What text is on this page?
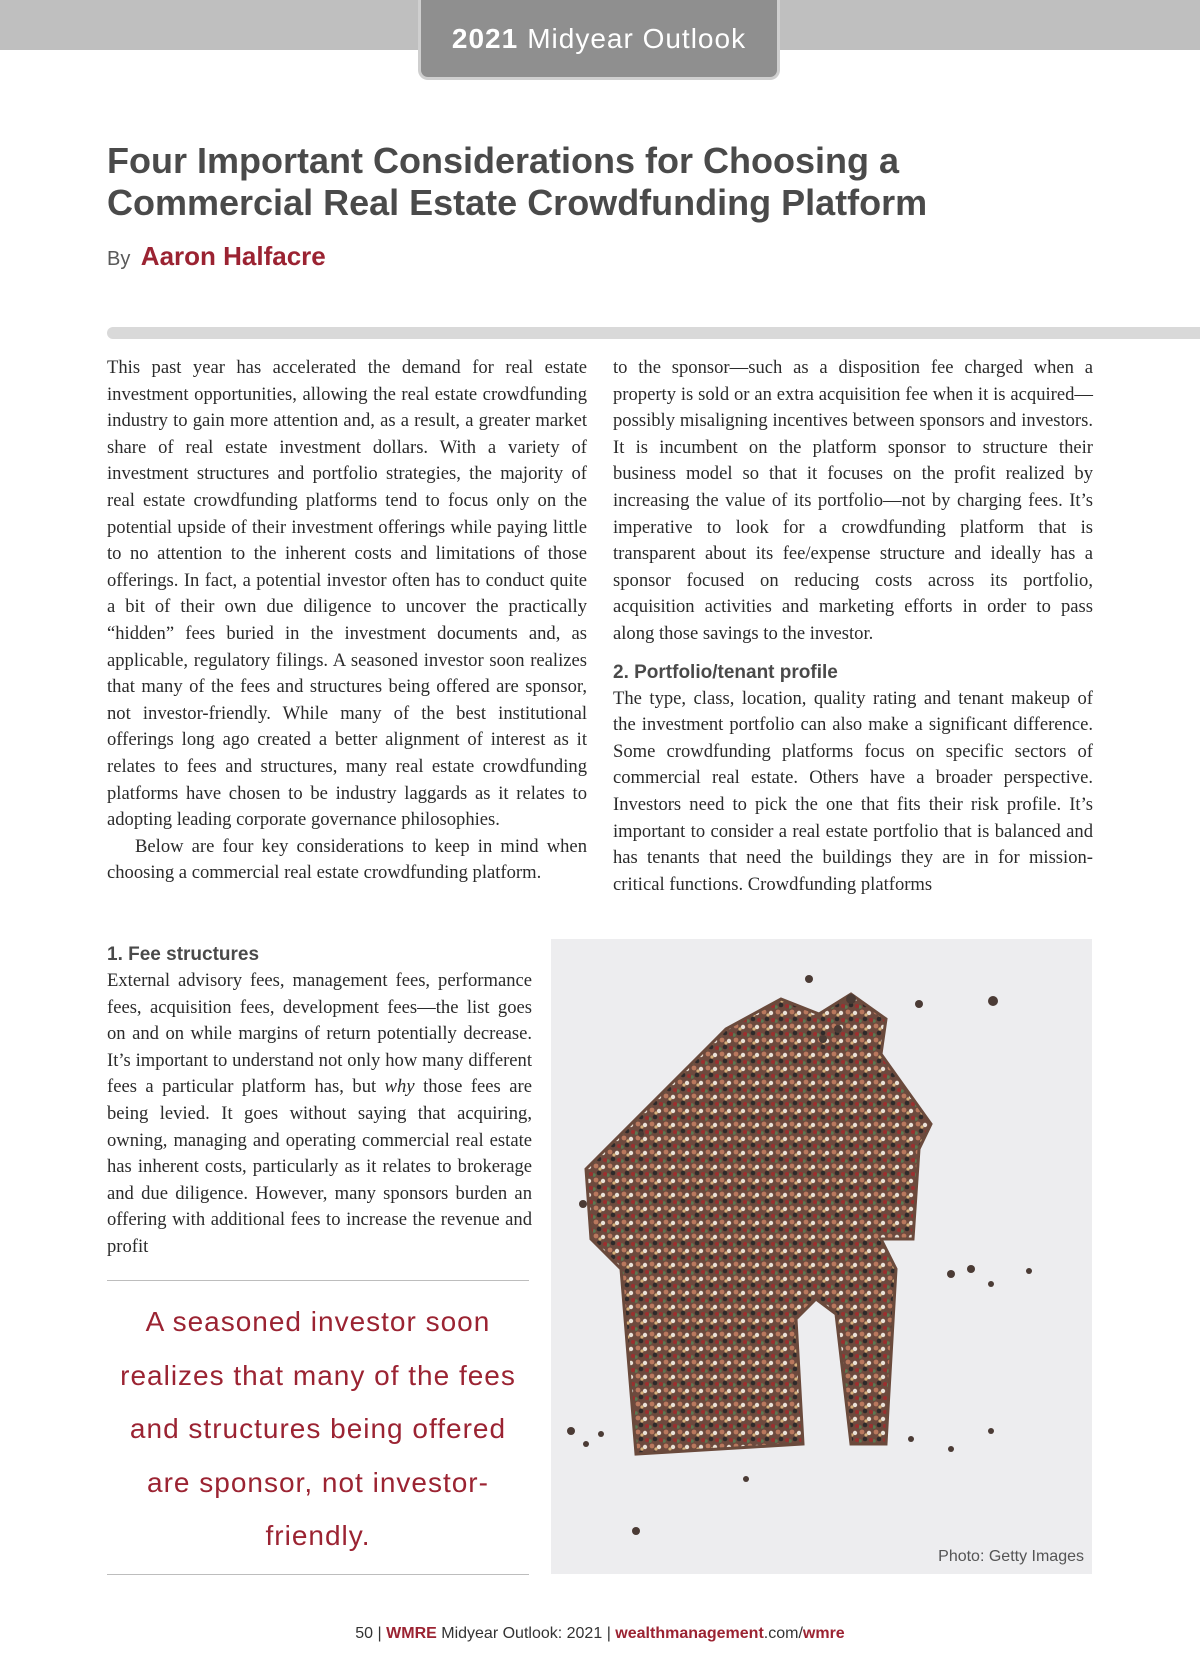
2021 Midyear Outlook
Four Important Considerations for Choosing a Commercial Real Estate Crowdfunding Platform
By Aaron Halfacre

This past year has accelerated the demand for real estate investment opportunities, allowing the real estate crowdfunding industry to gain more attention and, as a result, a greater market share of real estate investment dollars. With a variety of investment structures and portfolio strategies, the majority of real estate crowdfunding platforms tend to focus only on the potential upside of their investment offerings while paying little to no attention to the inherent costs and limitations of those offerings. In fact, a potential investor often has to conduct quite a bit of their own due diligence to uncover the practically “hidden” fees buried in the investment documents and, as applicable, regulatory filings. A seasoned investor soon realizes that many of the fees and structures being offered are sponsor, not investor-friendly. While many of the best institutional offerings long ago created a better alignment of interest as it relates to fees and structures, many real estate crowdfunding platforms have chosen to be industry laggards as it relates to adopting leading corporate governance philosophies.

Below are four key considerations to keep in mind when choosing a commercial real estate crowdfunding platform.

to the sponsor—such as a disposition fee charged when a property is sold or an extra acquisition fee when it is acquired—possibly misaligning incentives between sponsors and investors. It is incumbent on the platform sponsor to structure their business model so that it focuses on the profit realized by increasing the value of its portfolio—not by charging fees. It’s imperative to look for a crowdfunding platform that is transparent about its fee/expense structure and ideally has a sponsor focused on reducing costs across its portfolio, acquisition activities and marketing efforts in order to pass along those savings to the investor.

2. Portfolio/tenant profile

The type, class, location, quality rating and tenant makeup of the investment portfolio can also make a significant difference. Some crowdfunding platforms focus on specific sectors of commercial real estate. Others have a broader perspective. Investors need to pick the one that fits their risk profile. It’s important to consider a real estate portfolio that is balanced and has tenants that need the buildings they are in for mission-critical functions. Crowdfunding platforms

1. Fee structures

External advisory fees, management fees, performance fees, acquisition fees, development fees—the list goes on and on while margins of return potentially decrease. It’s important to understand not only how many different fees a particular platform has, but why those fees are being levied. It goes without saying that acquiring, owning, managing and operating commercial real estate has inherent costs, particularly as it relates to brokerage and due diligence. However, many sponsors burden an offering with additional fees to increase the revenue and profit

A seasoned investor soon realizes that many of the fees and structures being offered are sponsor, not investor-friendly.

Photo: Getty Images
50 | WMRE Midyear Outlook: 2021 | wealthmanagement.com/wmre
